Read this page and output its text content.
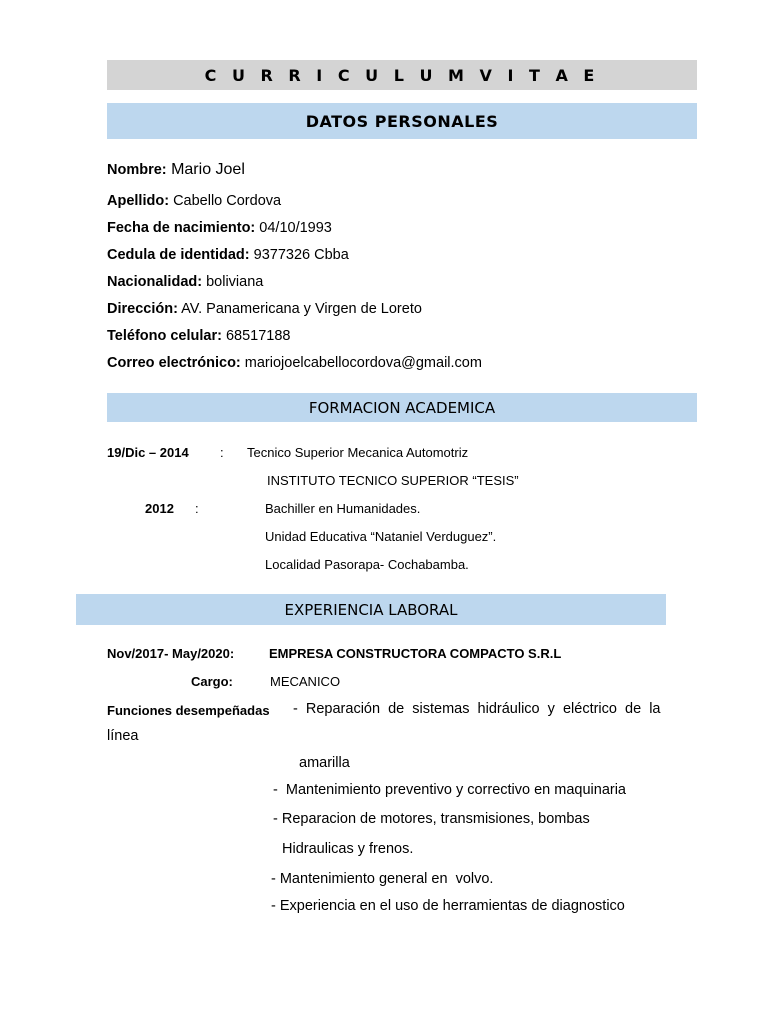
C U R R I C U L U M V I T A E
DATOS PERSONALES
Nombre: Mario Joel
Apellido: Cabello Cordova
Fecha de nacimiento: 04/10/1993
Cedula de identidad: 9377326 Cbba
Nacionalidad: boliviana
Dirección: AV. Panamericana y Virgen de Loreto
Teléfono celular: 68517188
Correo electrónico: mariojoelcabellocordova@gmail.com
FORMACION ACADEMICA
19/Dic – 2014 : Tecnico Superior Mecanica Automotriz
INSTITUTO TECNICO SUPERIOR “TESIS”
2012 :	Bachiller en Humanidades.
Unidad Educativa “Nataniel Verduguez”.
Localidad Pasorapa- Cochabamba.
EXPERIENCIA LABORAL
Nov/2017- May/2020:	EMPRESA CONSTRUCTORA COMPACTO S.R.L
Cargo:	MECANICO
Funciones desempeñadas -  Reparación  de  sistemas  hidráulico  y  eléctrico  de  la
línea
amarilla
-  Mantenimiento preventivo y correctivo en maquinaria
- Reparacion de motores, transmisiones, bombas
Hidraulicas y frenos.
- Mantenimiento general en  volvo.
- Experiencia en el uso de herramientas de diagnostico
